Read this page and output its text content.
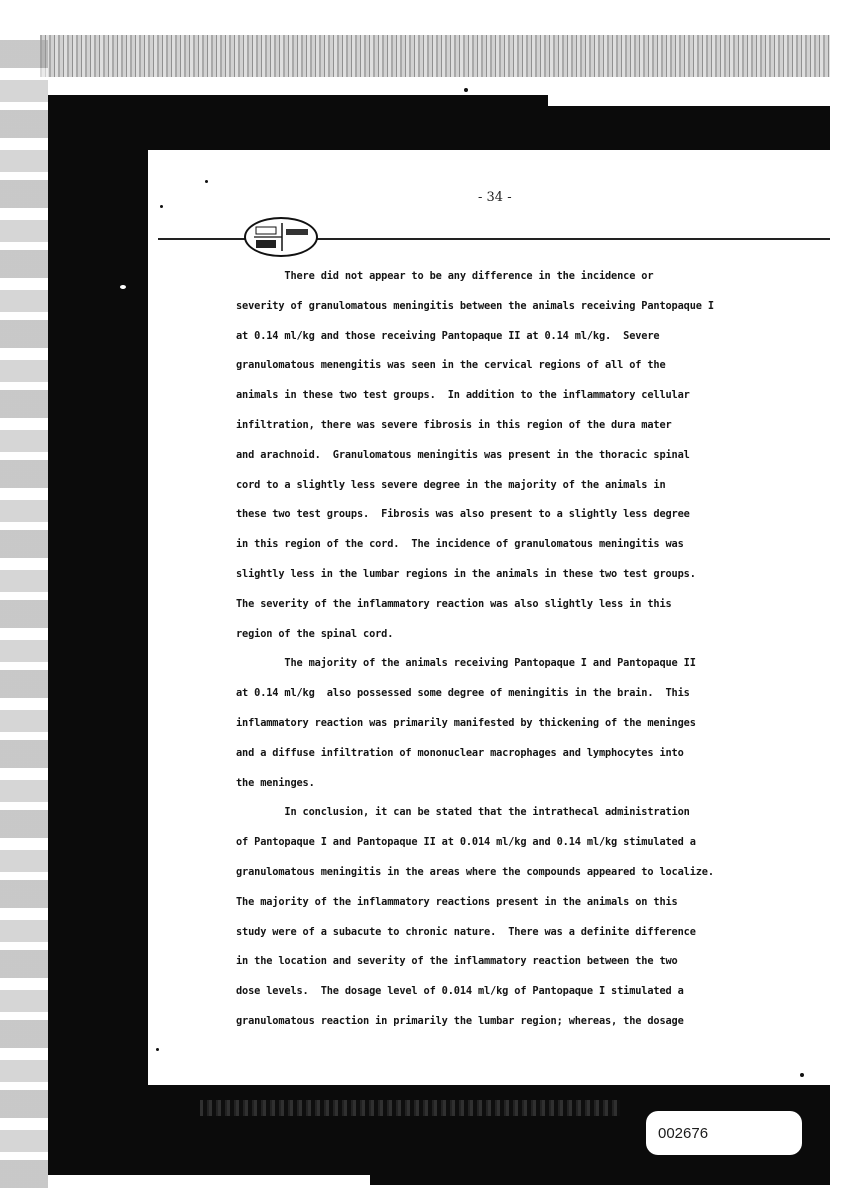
- 34 -
There did not appear to be any difference in the incidence or
severity of granulomatous meningitis between the animals receiving Pantopaque I
at 0.14 ml/kg and those receiving Pantopaque II at 0.14 ml/kg.  Severe
granulomatous menengitis was seen in the cervical regions of all of the
animals in these two test groups.  In addition to the inflammatory cellular
infiltration, there was severe fibrosis in this region of the dura mater
and arachnoid.  Granulomatous meningitis was present in the thoracic spinal
cord to a slightly less severe degree in the majority of the animals in
these two test groups.  Fibrosis was also present to a slightly less degree
in this region of the cord.  The incidence of granulomatous meningitis was
slightly less in the lumbar regions in the animals in these two test groups.
The severity of the inflammatory reaction was also slightly less in this
region of the spinal cord.
The majority of the animals receiving Pantopaque I and Pantopaque II
at 0.14 ml/kg  also possessed some degree of meningitis in the brain.  This
inflammatory reaction was primarily manifested by thickening of the meninges
and a diffuse infiltration of mononuclear macrophages and lymphocytes into
the meninges.
In conclusion, it can be stated that the intrathecal administration
of Pantopaque I and Pantopaque II at 0.014 ml/kg and 0.14 ml/kg stimulated a
granulomatous meningitis in the areas where the compounds appeared to localize.
The majority of the inflammatory reactions present in the animals on this
study were of a subacute to chronic nature.  There was a definite difference
in the location and severity of the inflammatory reaction between the two
dose levels.  The dosage level of 0.014 ml/kg of Pantopaque I stimulated a
granulomatous reaction in primarily the lumbar region; whereas, the dosage
002676
